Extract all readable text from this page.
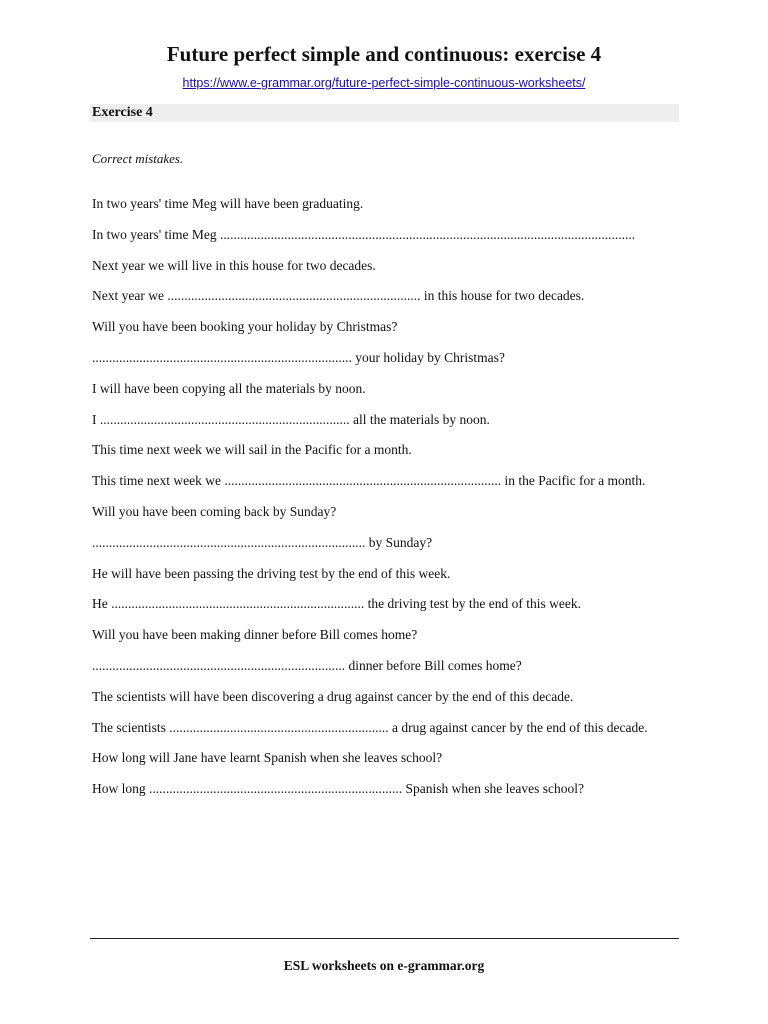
Future perfect simple and continuous: exercise 4
https://www.e-grammar.org/future-perfect-simple-continuous-worksheets/
Exercise 4
Correct mistakes.
In two years' time Meg will have been graduating.
In two years' time Meg ...........................................................................................................................
Next year we will live in this house for two decades.
Next year we ........................................................................... in this house for two decades.
Will you have been booking your holiday by Christmas?
............................................................................. your holiday by Christmas?
I will have been copying all the materials by noon.
I .......................................................................... all the materials by noon.
This time next week we will sail in the Pacific for a month.
This time next week we .................................................................................. in the Pacific for a month.
Will you have been coming back by Sunday?
................................................................................. by Sunday?
He will have been passing the driving test by the end of this week.
He ........................................................................... the driving test by the end of this week.
Will you have been making dinner before Bill comes home?
........................................................................... dinner before Bill comes home?
The scientists will have been discovering a drug against cancer by the end of this decade.
The scientists ................................................................. a drug against cancer by the end of this decade.
How long will Jane have learnt Spanish when she leaves school?
How long ........................................................................... Spanish when she leaves school?
ESL worksheets on e-grammar.org
